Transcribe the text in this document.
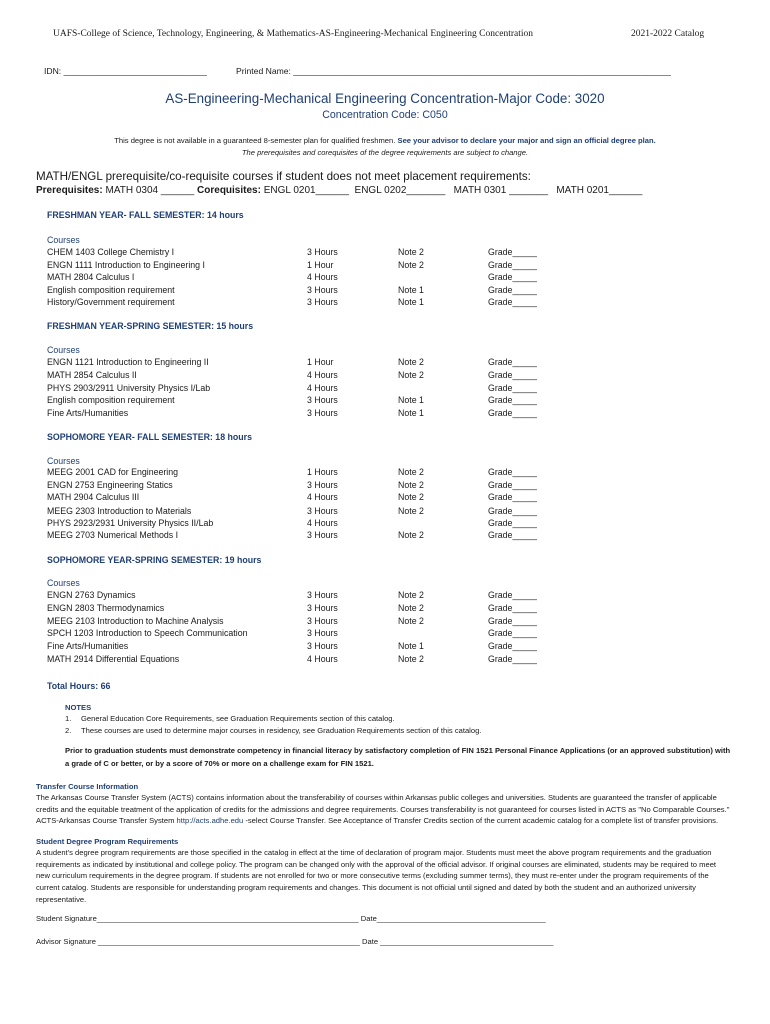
UAFS-College of Science, Technology, Engineering, & Mathematics-AS-Engineering-Mechanical Engineering Concentration	2021-2022 Catalog
IDN: ______________________________	Printed Name: _______________________________________________________________________________
AS-Engineering-Mechanical Engineering Concentration-Major Code: 3020
Concentration Code: C050
This degree is not available in a guaranteed 8-semester plan for qualified freshmen. See your advisor to declare your major and sign an official degree plan.
The prerequisites and corequisites of the degree requirements are subject to change.
MATH/ENGL prerequisite/co-requisite courses if student does not meet placement requirements:
Prerequisites: MATH 0304 ______ Corequisites: ENGL 0201______  ENGL 0202_______   MATH 0301 _______   MATH 0201______
FRESHMAN YEAR- FALL SEMESTER: 14 hours
Courses
CHEM 1403 College Chemistry I	3 Hours	Note 2	Grade_____
ENGN 1111 Introduction to Engineering I	1 Hour	Note 2	Grade_____
MATH 2804 Calculus I	4 Hours	Grade_____
English composition requirement	3 Hours	Note 1	Grade_____
History/Government requirement	3 Hours	Note 1	Grade_____
FRESHMAN YEAR-SPRING SEMESTER: 15 hours
Courses
ENGN 1121 Introduction to Engineering II	1 Hour	Note 2	Grade_____
MATH 2854 Calculus II	4 Hours	Note 2	Grade_____
PHYS 2903/2911 University Physics I/Lab	4 Hours	Grade_____
English composition requirement	3 Hours	Note 1	Grade_____
Fine Arts/Humanities	3 Hours	Note 1	Grade_____
SOPHOMORE YEAR- FALL SEMESTER: 18 hours
Courses
MEEG 2001 CAD for Engineering	1 Hours	Note 2	Grade_____
ENGN 2753 Engineering Statics	3 Hours	Note 2	Grade_____
MATH 2904 Calculus III	4 Hours	Note 2	Grade_____
MEEG 2303 Introduction to Materials	3 Hours	Note 2	Grade_____
PHYS 2923/2931 University Physics II/Lab	4 Hours	Grade_____
MEEG 2703 Numerical Methods I	3 Hours	Note 2	Grade_____
SOPHOMORE YEAR-SPRING SEMESTER: 19 hours
Courses
ENGN 2763 Dynamics	3 Hours	Note 2	Grade_____
ENGN 2803 Thermodynamics	3 Hours	Note 2	Grade_____
MEEG 2103 Introduction to Machine Analysis	3 Hours	Note 2	Grade_____
SPCH 1203 Introduction to Speech Communication	3 Hours	Grade_____
Fine Arts/Humanities	3 Hours	Note 1	Grade_____
MATH 2914 Differential Equations	4 Hours	Note 2	Grade_____
Total Hours: 66
NOTES
1. General Education Core Requirements, see Graduation Requirements section of this catalog.
2. These courses are used to determine major courses in residency, see Graduation Requirements section of this catalog.
Prior to graduation students must demonstrate competency in financial literacy by satisfactory completion of FIN 1521 Personal Finance Applications (or an approved substitution) with a grade of C or better, or by a score of 70% or more on a challenge exam for FIN 1521.
Transfer Course Information
The Arkansas Course Transfer System (ACTS) contains information about the transferability of courses within Arkansas public colleges and universities. Students are guaranteed the transfer of applicable credits and the equitable treatment of the application of credits for the admissions and degree requirements. Courses transferability is not guaranteed for courses listed in ACTS as "No Comparable Courses." ACTS-Arkansas Course Transfer System http://acts.adhe.edu -select Course Transfer. See Acceptance of Transfer Credits section of the current academic catalog for a complete list of transfer provisions.
Student Degree Program Requirements
A student's degree program requirements are those specified in the catalog in effect at the time of declaration of program major. Students must meet the above program requirements and the graduation requirements as indicated by institutional and college policy. The program can be changed only with the approval of the official advisor. If original courses are eliminated, students may be required to meet new curriculum requirements in the degree program. If students are not enrolled for two or more consecutive terms (excluding summer terms), they must re-enter under the program requirements of the current catalog. Students are responsible for understanding program requirements and changes. This document is not official until signed and dated by both the student and an authorized university representative.
Student Signature______________________________________________________________ Date________________________________________
Advisor Signature ______________________________________________________________ Date _________________________________________
